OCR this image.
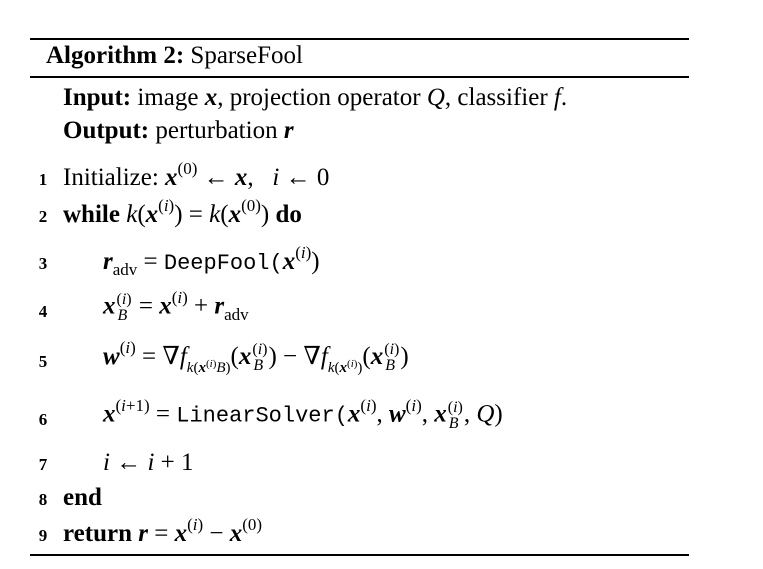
Algorithm 2: SparseFool
Input: image x, projection operator Q, classifier f.
Output: perturbation r
1 Initialize: $x^{(0)}$ ← x,   i ← 0
2 while $k(x^{(i)}) = k(x^{(0)})$ do
3 $r_{adv}$ = $DeepFool(x^{(i)})$
4 x (i)
$B = x^{(i)} + r_{adv}$
5 $w^{(i)} = \nabla f_{k(x^{(i)}B)}(x$ (i)
B ) − $\nabla f_{k(x^{(i)})}(x$ (i)
B )
6 $x^{(i+1)}$ = $LinearSolver(x^{(i)}$, $w^{(i)}$, x (i)
B , Q)
7 i ← i + 1
8 end
9 return $r = x^{(i)} - x^{(0)}$
